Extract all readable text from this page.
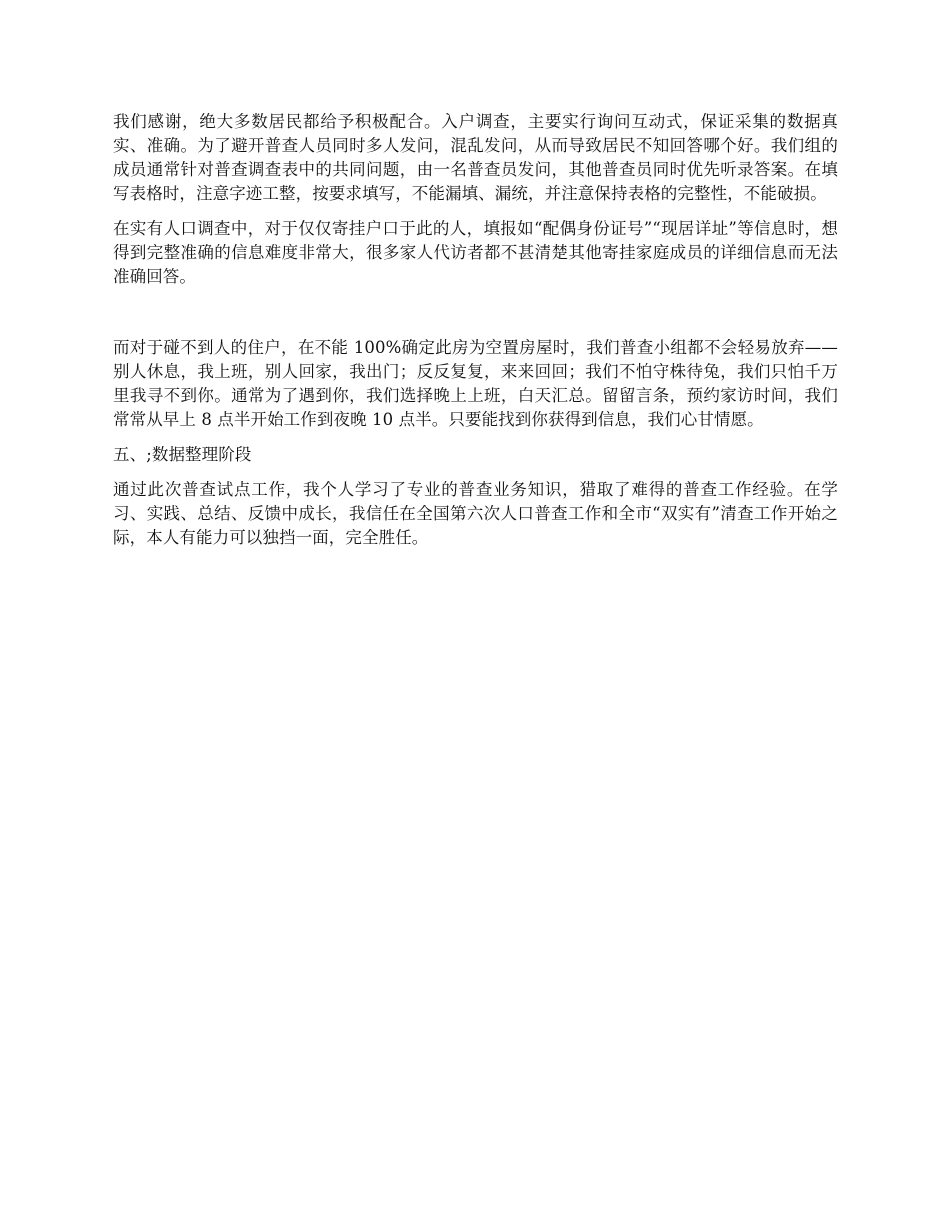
我们感谢，绝大多数居民都给予积极配合。入户调查，主要实行询问互动式，保证采集的数据真实、准确。为了避开普查人员同时多人发问，混乱发问，从而导致居民不知回答哪个好。我们组的成员通常针对普查调查表中的共同问题，由一名普查员发问，其他普查员同时优先听录答案。在填写表格时，注意字迹工整，按要求填写，不能漏填、漏统，并注意保持表格的完整性，不能破损。

在实有人口调查中，对于仅仅寄挂户口于此的人，填报如“配偶身份证号”“现居详址”等信息时，想得到完整准确的信息难度非常大，很多家人代访者都不甚清楚其他寄挂家庭成员的详细信息而无法准确回答。

而对于碰不到人的住户，在不能 100%确定此房为空置房屋时，我们普查小组都不会轻易放弃——别人休息，我上班，别人回家，我出门；反反复复，来来回回；我们不怕守株待兔，我们只怕千万里我寻不到你。通常为了遇到你，我们选择晚上上班，白天汇总。留留言条，预约家访时间，我们常常从早上 8 点半开始工作到夜晚 10 点半。只要能找到你获得到信息，我们心甘情愿。

五、;数据整理阶段

通过此次普查试点工作，我个人学习了专业的普查业务知识，猎取了难得的普查工作经验。在学习、实践、总结、反馈中成长，我信任在全国第六次人口普查工作和全市“双实有”清查工作开始之际，本人有能力可以独挡一面，完全胜任。
